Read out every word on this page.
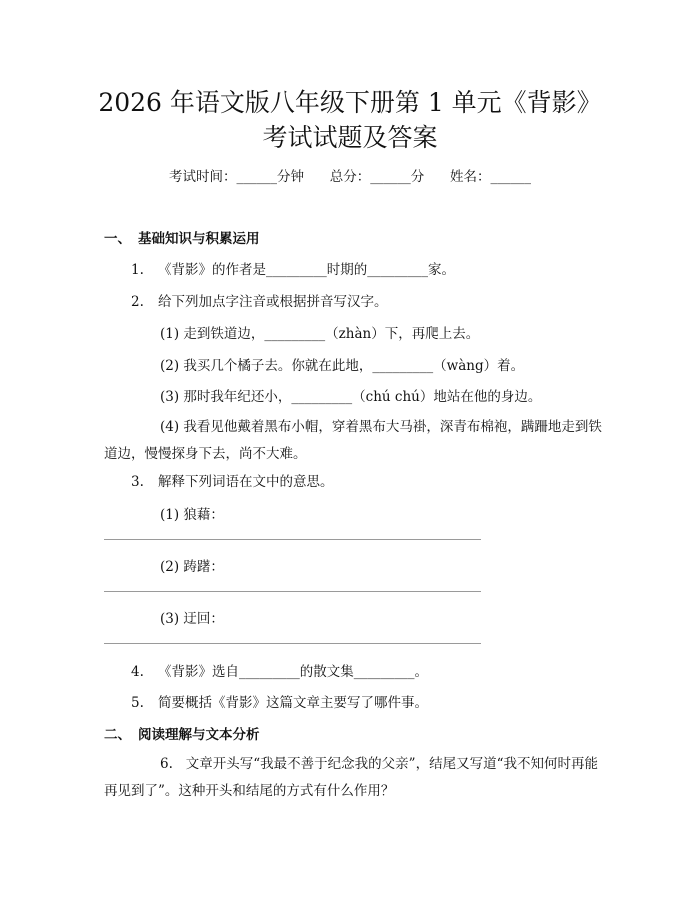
2026 年语文版八年级下册第 1 单元《背影》
考试试题及答案
考试时间：______分钟      总分：______分      姓名：______
一、 基础知识与积累运用
1. 《背影》的作者是_________时期的_________家。
2. 给下列加点字注音或根据拼音写汉字。
(1) 走到铁道边，_________（zhàn）下，再爬上去。
(2) 我买几个橘子去。你就在此地，_________（wàng）着。
(3) 那时我年纪还小，_________（chú chú）地站在他的身边。
(4) 我看见他戴着黑布小帽，穿着黑布大马褂，深青布棉袍，蹒跚地走到铁道边，慢慢探身下去，尚不大难。
3. 解释下列词语在文中的意思。
(1) 狼藉：
(2) 踌躇：
(3) 迂回：
4. 《背影》选自_________的散文集_________。
5. 简要概括《背影》这篇文章主要写了哪件事。
二、 阅读理解与文本分析
6. 文章开头写“我最不善于纪念我的父亲”，结尾又写道“我不知何时再能再见到了”。这种开头和结尾的方式有什么作用？
